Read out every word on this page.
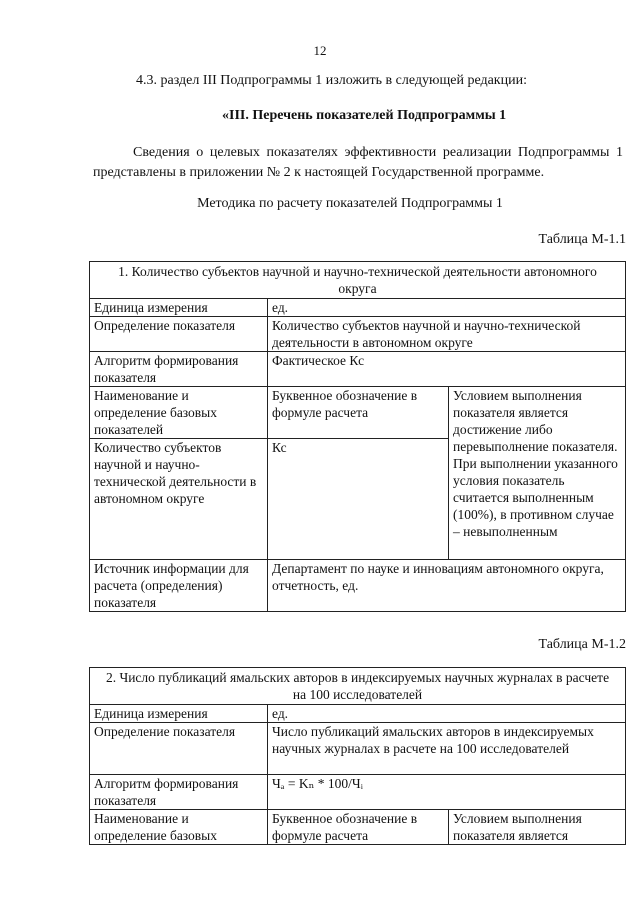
12
4.3. раздел III Подпрограммы 1 изложить в следующей редакции:
«III. Перечень показателей Подпрограммы 1
Сведения о целевых показателях эффективности реализации Подпрограммы 1 представлены в приложении № 2 к настоящей Государственной программе.
Методика по расчету показателей Подпрограммы 1
Таблица М-1.1
1. Количество субъектов научной и научно-технической деятельности автономного округа		
Единица измерения	ед.	
Определение показателя	Количество субъектов научной и научно-технической деятельности в автономном округе	
Алгоритм формирования показателя	Фактическое Кс	
Наименование и определение базовых показателей	Буквенное обозначение в формуле расчета	Условием выполнения показателя является достижение либо перевыполнение показателя. При выполнении указанного условия показатель считается выполненным (100%), в противном случае – невыполненным
Количество субъектов научной и научно-технической деятельности в автономном округе	Кс	
Источник информации для расчета (определения) показателя	Департамент по науке и инновациям автономного округа, отчетность, ед.	
Таблица М-1.2
2. Число публикаций ямальских авторов в индексируемых научных журналах в расчете на 100 исследователей		
Единица измерения	ед.	
Определение показателя	Число публикаций ямальских авторов в индексируемых научных журналах в расчете на 100 исследователей	
Алгоритм формирования показателя	Чₐ = Kₙ * 100/Чᵢ	
Наименование и определение базовых	Буквенное обозначение в формуле расчета	Условием выполнения показателя является
